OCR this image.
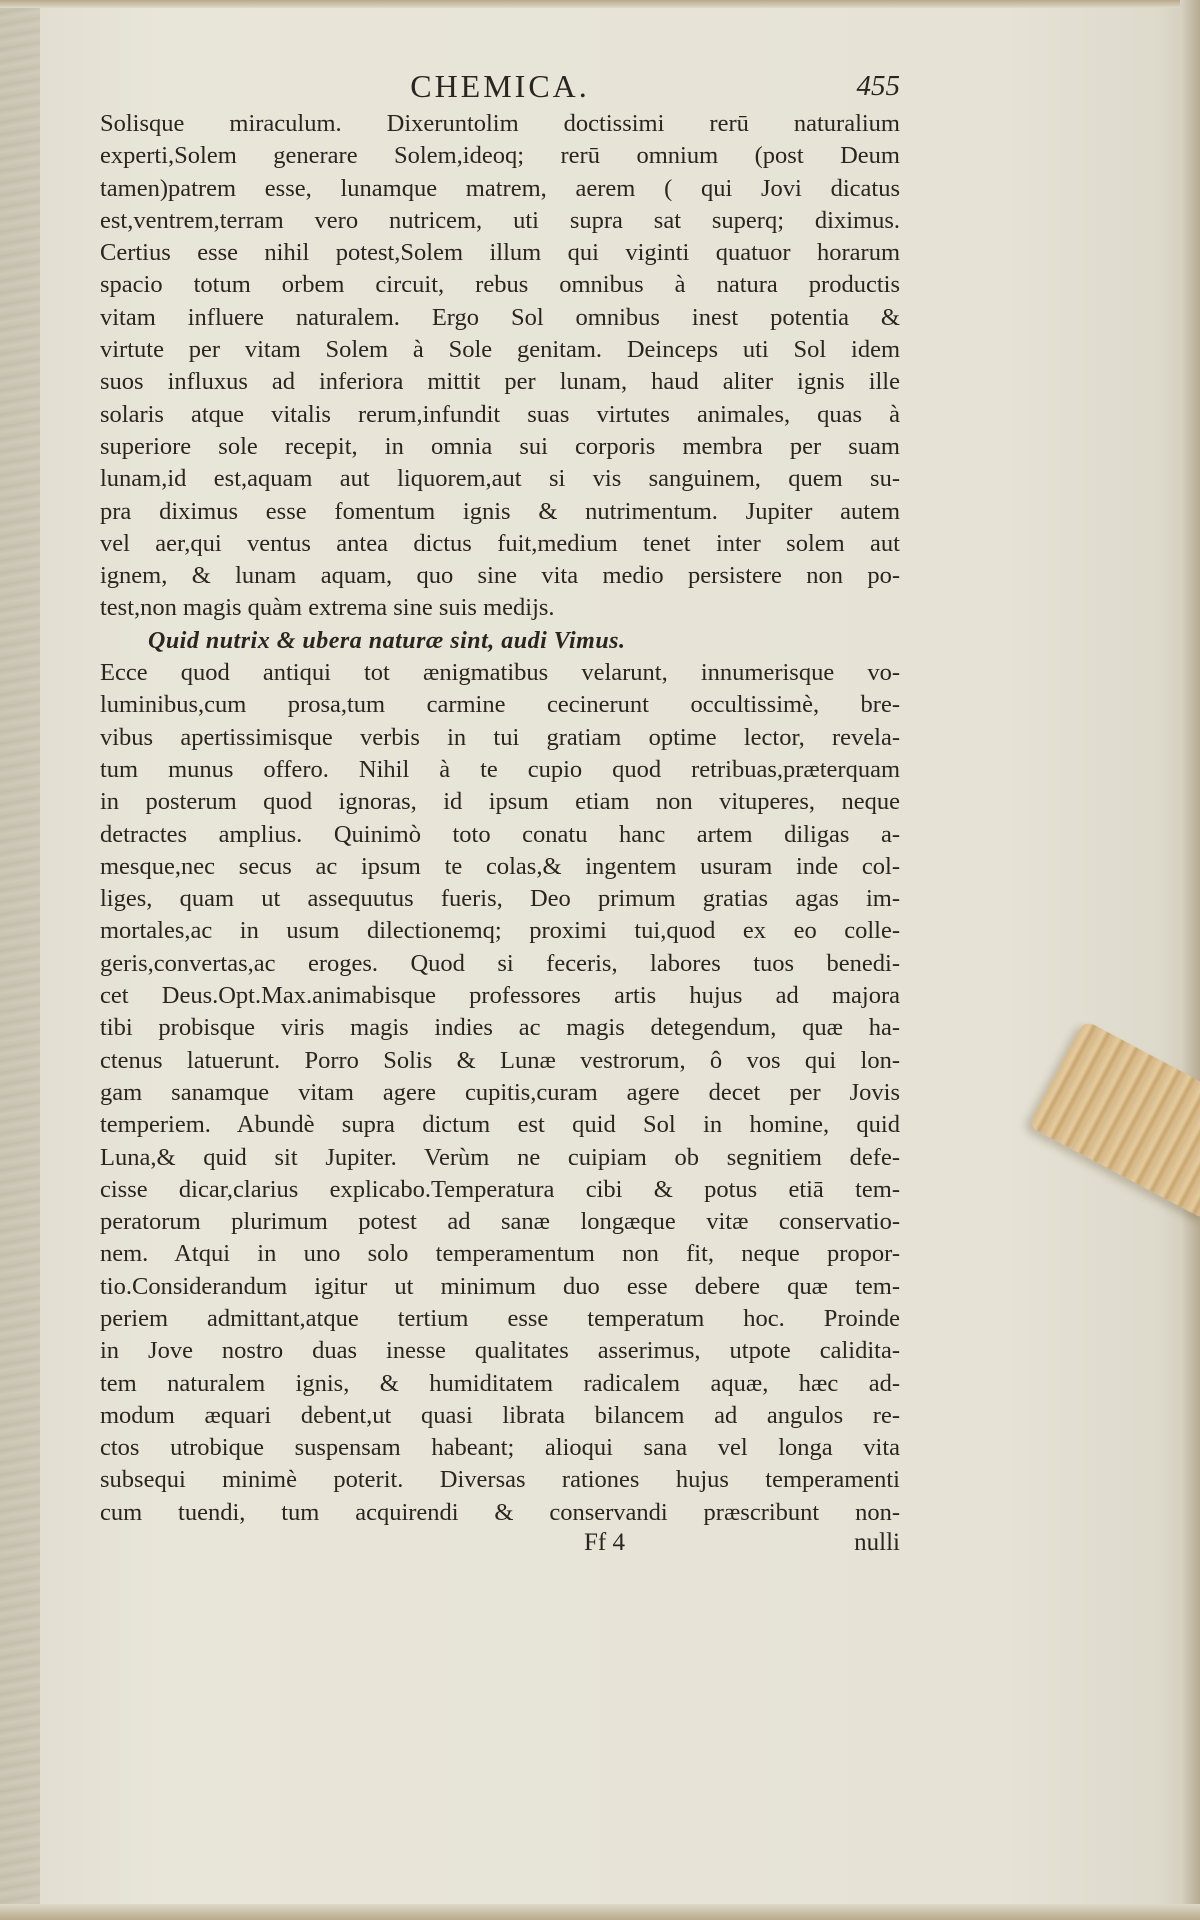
CHEMICA.	455
Solisque miraculum. Dixeruntolim doctissimi rerū naturalium
experti,Solem generare Solem,ideoq; rerū omnium (post Deum
tamen)patrem esse, lunamque matrem, aerem ( qui Jovi dicatus
est,ventrem,terram vero nutricem, uti supra sat superq; diximus.
Certius esse nihil potest,Solem illum qui viginti quatuor horarum
spacio totum orbem circuit, rebus omnibus à natura productis
vitam influere naturalem. Ergo Sol omnibus inest potentia &
virtute per vitam Solem à Sole genitam. Deinceps uti Sol idem
suos influxus ad inferiora mittit per lunam, haud aliter ignis ille
solaris atque vitalis rerum,infundit suas virtutes animales, quas à
superiore sole recepit, in omnia sui corporis membra per suam
lunam,id est,aquam aut liquorem,aut si vis sanguinem, quem su-
pra diximus esse fomentum ignis & nutrimentum. Jupiter autem
vel aer,qui ventus antea dictus fuit,medium tenet inter solem aut
ignem, & lunam aquam, quo sine vita medio persistere non po-
test,non magis quàm extrema sine suis medijs.
Quid nutrix & ubera naturæ sint, audi Vimus.
Ecce quod antiqui tot ænigmatibus velarunt, innumerisque vo-
luminibus,cum prosa,tum carmine cecinerunt occultissimè, bre-
vibus apertissimisque verbis in tui gratiam optime lector, revela-
tum munus offero. Nihil à te cupio quod retribuas,præterquam
in posterum quod ignoras, id ipsum etiam non vituperes, neque
detractes amplius. Quinimò toto conatu hanc artem diligas a-
mesque,nec secus ac ipsum te colas,& ingentem usuram inde col-
liges, quam ut assequutus fueris, Deo primum gratias agas im-
mortales,ac in usum dilectionemq; proximi tui,quod ex eo colle-
geris,convertas,ac eroges. Quod si feceris, labores tuos benedi-
cet Deus.Opt.Max.animabisque professores artis hujus ad majora
tibi probisque viris magis indies ac magis detegendum, quæ ha-
ctenus latuerunt. Porro Solis & Lunæ vestrorum, ô vos qui lon-
gam sanamque vitam agere cupitis,curam agere decet per Jovis
temperiem. Abundè supra dictum est quid Sol in homine, quid
Luna,& quid sit Jupiter. Verùm ne cuipiam ob segnitiem defe-
cisse dicar,clarius explicabo.Temperatura cibi & potus etiā tem-
peratorum plurimum potest ad sanæ longæque vitæ conservatio-
nem. Atqui in uno solo temperamentum non fit, neque propor-
tio.Considerandum igitur ut minimum duo esse debere quæ tem-
periem admittant,atque tertium esse temperatum hoc. Proinde
in Jove nostro duas inesse qualitates asserimus, utpote calidita-
tem naturalem ignis, & humiditatem radicalem aquæ, hæc ad-
modum æquari debent,ut quasi librata bilancem ad angulos re-
ctos utrobique suspensam habeant; alioqui sana vel longa vita
subsequi minimè poterit. Diversas rationes hujus temperamenti
cum tuendi, tum acquirendi & conservandi præscribunt non-
Ff 4	nulli
